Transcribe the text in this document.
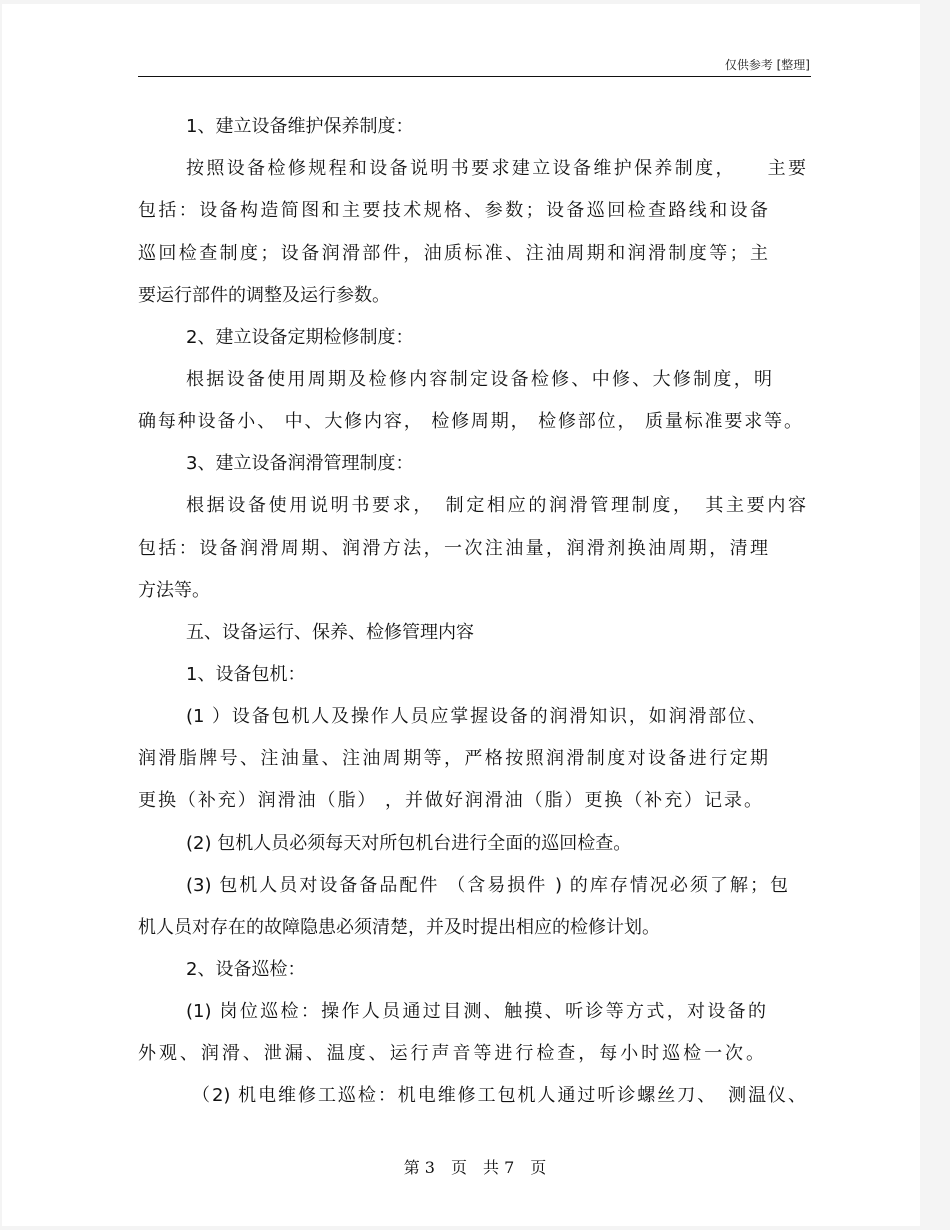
仅供参考 [整理]
1、建立设备维护保养制度：
按照设备检修规程和设备说明书要求建立设备维护保养制度，　　主要
包括：设备构造简图和主要技术规格、参数；设备巡回检查路线和设备
巡回检查制度；设备润滑部件，油质标准、注油周期和润滑制度等；主
要运行部件的调整及运行参数。
2、建立设备定期检修制度：
根据设备使用周期及检修内容制定设备检修、中修、大修制度，明
确每种设备小、 中、大修内容， 检修周期， 检修部位， 质量标准要求等。
3、建立设备润滑管理制度：
根据设备使用说明书要求，　制定相应的润滑管理制度，　其主要内容
包括：设备润滑周期、润滑方法，一次注油量，润滑剂换油周期，清理
方法等。
五、设备运行、保养、检修管理内容
1、设备包机：
(1 ）设备包机人及操作人员应掌握设备的润滑知识，如润滑部位、
润滑脂牌号、注油量、注油周期等，严格按照润滑制度对设备进行定期
更换（补充）润滑油（脂） ，并做好润滑油（脂）更换（补充）记录。
(2) 包机人员必须每天对所包机台进行全面的巡回检查。
(3) 包机人员对设备备品配件 （含易损件 ) 的库存情况必须了解；包
机人员对存在的故障隐患必须清楚，并及时提出相应的检修计划。
2、设备巡检：
(1) 岗位巡检：操作人员通过目测、触摸、听诊等方式，对设备的
外观、润滑、泄漏、温度、运行声音等进行检查，每小时巡检一次。
（2) 机电维修工巡检：机电维修工包机人通过听诊螺丝刀、　测温仪、
第 3　页　共 7　页
